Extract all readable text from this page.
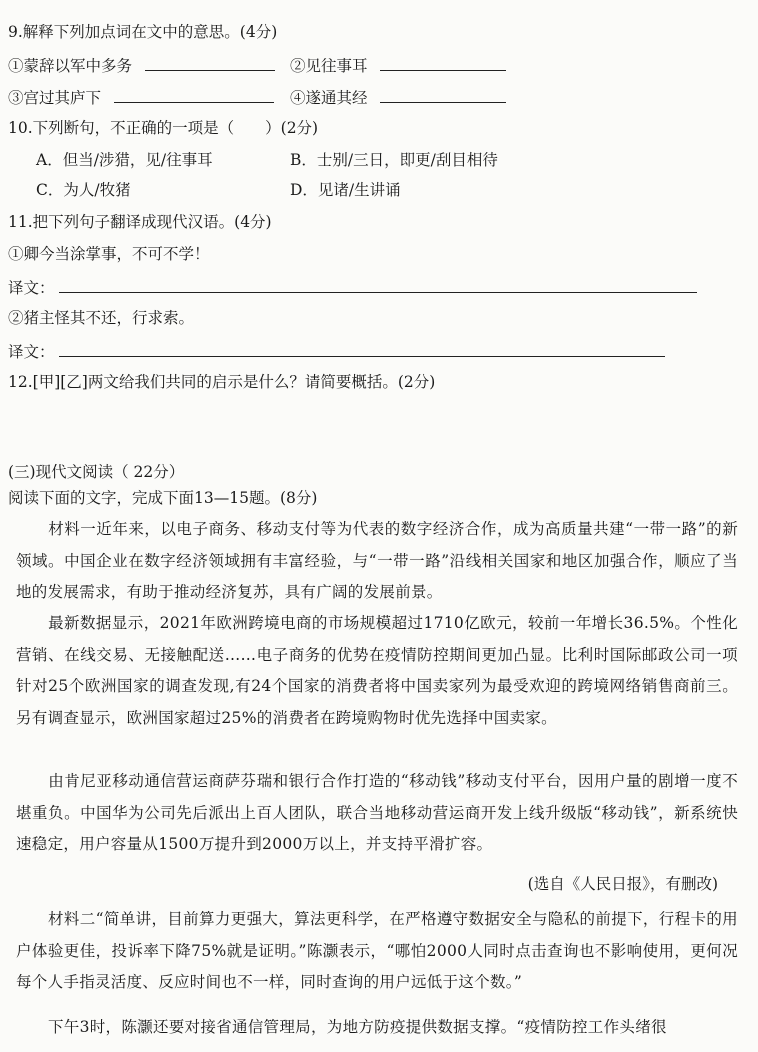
9.解释下列加点词在文中的意思。(4分)
①蒙辞以军中多务	②见往事耳
③宫过其庐下	④遂通其经
10.下列断句，不正确的一项是（　　）(2分)
A．但当/涉猎，见/往事耳	B．士别/三日，即更/刮目相待
C．为人/牧猪	D．见诸/生讲诵
11.把下列句子翻译成现代汉语。(4分)
①卿今当涂掌事，不可不学！
译文：
②猪主怪其不还，行求索。
译文：
12.[甲][乙]两文给我们共同的启示是什么？请简要概括。(2分)
(三)现代文阅读（ 22分）
阅读下面的文字，完成下面13—15题。(8分)
材料一近年来，以电子商务、移动支付等为代表的数字经济合作，成为高质量共建“一带一路”的新领域。中国企业在数字经济领域拥有丰富经验，与“一带一路”沿线相关国家和地区加强合作，顺应了当地的发展需求，有助于推动经济复苏，具有广阔的发展前景。
最新数据显示，2021年欧洲跨境电商的市场规模超过1710亿欧元，较前一年增长36.5%。个性化营销、在线交易、无接触配送……电子商务的优势在疫情防控期间更加凸显。比利时国际邮政公司一项针对25个欧洲国家的调查发现,有24个国家的消费者将中国卖家列为最受欢迎的跨境网络销售商前三。另有调查显示，欧洲国家超过25%的消费者在跨境购物时优先选择中国卖家。
由肯尼亚移动通信营运商萨芬瑞和银行合作打造的“移动钱”移动支付平台，因用户量的剧增一度不堪重负。中国华为公司先后派出上百人团队，联合当地移动营运商开发上线升级版“移动钱”，新系统快速稳定，用户容量从1500万提升到2000万以上，并支持平滑扩容。
(选自《人民日报》，有删改)
材料二“简单讲，目前算力更强大，算法更科学，在严格遵守数据安全与隐私的前提下，行程卡的用户体验更佳，投诉率下降75%就是证明。”陈灏表示，“哪怕2000人同时点击查询也不影响使用，更何况每个人手指灵活度、反应时间也不一样，同时查询的用户远低于这个数。”
下午3时，陈灏还要对接省通信管理局，为地方防疫提供数据支撑。“疫情防控工作头绪很
